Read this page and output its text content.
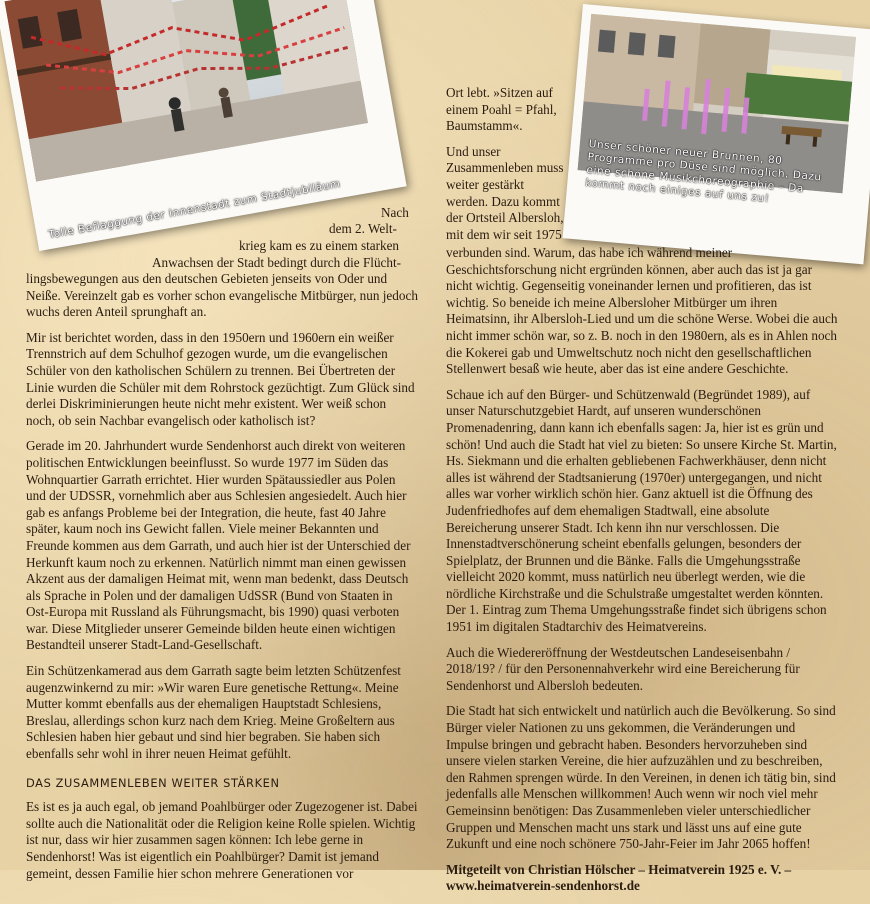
Tolle Beflaggung der Innenstadt zum Stadtjubiläum
Unser schöner neuer Brunnen, 80 Programme pro Düse sind möglich. Dazu eine schöne Musikchoreographie – Da kommt noch einiges auf uns zu!
Nach
dem 2. Welt-
krieg kam es zu einem starken
Anwachsen der Stadt bedingt durch die Flücht-

lingsbewegungen aus den deutschen Gebieten jenseits von Oder und Neiße. Vereinzelt gab es vorher schon evangelische Mitbürger, nun jedoch wuchs deren Anteil sprunghaft an.

Mir ist berichtet worden, dass in den 1950ern und 1960ern ein weißer Trennstrich auf dem Schulhof gezogen wurde, um die evangelischen Schüler von den katholischen Schülern zu trennen. Bei Übertreten der Linie wurden die Schüler mit dem Rohrstock gezüchtigt. Zum Glück sind derlei Diskriminierungen heute nicht mehr existent. Wer weiß schon noch, ob sein Nachbar evangelisch oder katholisch ist?

Gerade im 20. Jahrhundert wurde Sendenhorst auch direkt von weiteren politischen Entwicklungen beeinflusst. So wurde 1977 im Süden das Wohnquartier Garrath errichtet. Hier wurden Spätaussiedler aus Polen und der UDSSR, vornehmlich aber aus Schlesien angesiedelt. Auch hier gab es anfangs Probleme bei der Integration, die heute, fast 40 Jahre später, kaum noch ins Gewicht fallen. Viele meiner Bekannten und Freunde kommen aus dem Garrath, und auch hier ist der Unterschied der Herkunft kaum noch zu erkennen. Natürlich nimmt man einen gewissen Akzent aus der damaligen Heimat mit, wenn man bedenkt, dass Deutsch als Sprache in Polen und der damaligen UdSSR (Bund von Staaten in Ost-Europa mit Russland als Führungsmacht, bis 1990) quasi verboten war. Diese Mitglieder unserer Gemeinde bilden heute einen wichtigen Bestandteil unserer Stadt-Land-Gesellschaft.

Ein Schützenkamerad aus dem Garrath sagte beim letzten Schützenfest augenzwinkernd zu mir: »Wir waren Eure genetische Rettung«. Meine Mutter kommt ebenfalls aus der ehemaligen Hauptstadt Schlesiens, Breslau, allerdings schon kurz nach dem Krieg. Meine Großeltern aus Schlesien haben hier gebaut und sind hier begraben. Sie haben sich ebenfalls sehr wohl in ihrer neuen Heimat gefühlt.

DAS ZUSAMMENLEBEN WEITER STÄRKEN

Es ist es ja auch egal, ob jemand Poahlbürger oder Zugezogener ist. Dabei sollte auch die Nationalität oder die Religion keine Rolle spielen. Wichtig ist nur, dass wir hier zusammen sagen können: Ich lebe gerne in Sendenhorst! Was ist eigentlich ein Poahlbürger? Damit ist jemand gemeint, dessen Familie hier schon mehrere Generationen vor

Ort lebt. »Sitzen auf einem Poahl = Pfahl, Baumstamm«.

Und unser Zusammenleben muss weiter gestärkt werden. Dazu kommt der Ortsteil Albersloh, mit dem wir seit 1975

verbunden sind. Warum, das habe ich während meiner Geschichtsforschung nicht ergründen können, aber auch das ist ja gar nicht wichtig. Gegenseitig voneinander lernen und profitieren, das ist wichtig. So beneide ich meine Albersloher Mitbürger um ihren Heimatsinn, ihr Albersloh-Lied und um die schöne Werse. Wobei die auch nicht immer schön war, so z. B. noch in den 1980ern, als es in Ahlen noch die Kokerei gab und Umweltschutz noch nicht den gesellschaftlichen Stellenwert besaß wie heute, aber das ist eine andere Geschichte.

Schaue ich auf den Bürger- und Schützenwald (Begründet 1989), auf unser Naturschutzgebiet Hardt, auf unseren wunderschönen Promenadenring, dann kann ich ebenfalls sagen: Ja, hier ist es grün und schön! Und auch die Stadt hat viel zu bieten: So unsere Kirche St. Martin, Hs. Siekmann und die erhalten gebliebenen Fachwerkhäuser, denn nicht alles ist während der Stadtsanierung (1970er) untergegangen, und nicht alles war vorher wirklich schön hier. Ganz aktuell ist die Öffnung des Judenfriedhofes auf dem ehemaligen Stadtwall, eine absolute Bereicherung unserer Stadt. Ich kenn ihn nur verschlossen. Die Innenstadtverschönerung scheint ebenfalls gelungen, besonders der Spielplatz, der Brunnen und die Bänke. Falls die Umgehungsstraße vielleicht 2020 kommt, muss natürlich neu überlegt werden, wie die nördliche Kirchstraße und die Schulstraße umgestaltet werden könnten. Der 1. Eintrag zum Thema Umgehungsstraße findet sich übrigens schon 1951 im digitalen Stadtarchiv des Heimatvereins.

Auch die Wiedereröffnung der Westdeutschen Landeseisenbahn / 2018/19? / für den Personennahverkehr wird eine Bereicherung für Sendenhorst und Albersloh bedeuten.

Die Stadt hat sich entwickelt und natürlich auch die Bevölkerung. So sind Bürger vieler Nationen zu uns gekommen, die Veränderungen und Impulse bringen und gebracht haben. Besonders hervorzuheben sind unsere vielen starken Vereine, die hier aufzuzählen und zu beschreiben, den Rahmen sprengen würde. In den Vereinen, in denen ich tätig bin, sind jedenfalls alle Menschen willkommen! Auch wenn wir noch viel mehr Gemeinsinn benötigen: Das Zusammenleben vieler unterschiedlicher Gruppen und Menschen macht uns stark und lässt uns auf eine gute Zukunft und eine noch schönere 750-Jahr-Feier im Jahr 2065 hoffen!

Mitgeteilt von Christian Hölscher – Heimatverein 1925 e. V. – www.heimatverein-sendenhorst.de
